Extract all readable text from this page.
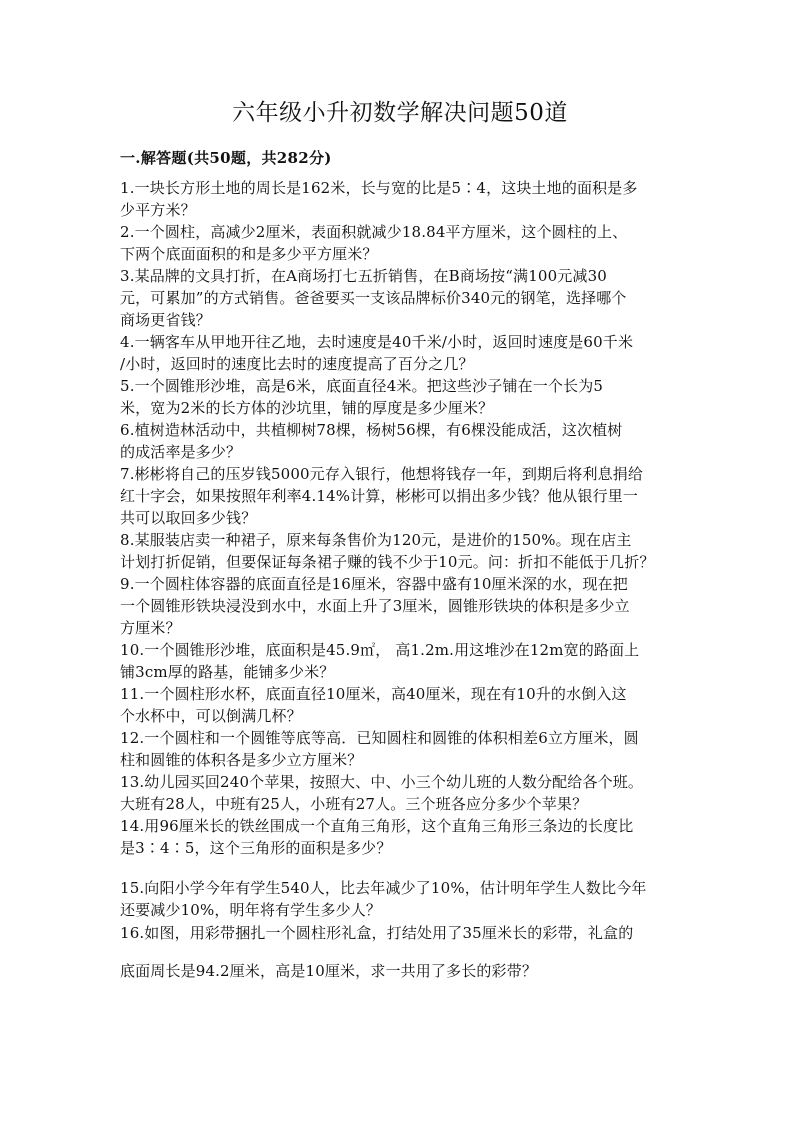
六年级小升初数学解决问题50道
一.解答题(共50题，共282分)
1.一块长方形土地的周长是162米，长与宽的比是5∶4，这块土地的面积是多
少平方米？
2.一个圆柱，高减少2厘米，表面积就减少18.84平方厘米，这个圆柱的上、
下两个底面面积的和是多少平方厘米？
3.某品牌的文具打折，在A商场打七五折销售，在B商场按“满100元减30
元，可累加”的方式销售。爸爸要买一支该品牌标价340元的钢笔，选择哪个
商场更省钱？
4.一辆客车从甲地开往乙地，去时速度是40千米/小时，返回时速度是60千米
/小时，返回时的速度比去时的速度提高了百分之几？
5.一个圆锥形沙堆，高是6米，底面直径4米。把这些沙子铺在一个长为5
米，宽为2米的长方体的沙坑里，铺的厚度是多少厘米？
6.植树造林活动中，共植柳树78棵，杨树56棵，有6棵没能成活，这次植树
的成活率是多少？
7.彬彬将自己的压岁钱5000元存入银行，他想将钱存一年，到期后将利息捐给
红十字会，如果按照年利率4.14%计算，彬彬可以捐出多少钱？他从银行里一
共可以取回多少钱？
8.某服装店卖一种裙子，原来每条售价为120元，是进价的150%。现在店主
计划打折促销，但要保证每条裙子赚的钱不少于10元。问：折扣不能低于几折？
9.一个圆柱体容器的底面直径是16厘米，容器中盛有10厘米深的水，现在把
一个圆锥形铁块浸没到水中，水面上升了3厘米，圆锥形铁块的体积是多少立
方厘米？
10.一个圆锥形沙堆，底面积是45.9㎡， 高1.2m.用这堆沙在12m宽的路面上
铺3cm厚的路基，能铺多少米？
11.一个圆柱形水杯，底面直径10厘米，高40厘米，现在有10升的水倒入这
个水杯中，可以倒满几杯？
12.一个圆柱和一个圆锥等底等高．已知圆柱和圆锥的体积相差6立方厘米，圆
柱和圆锥的体积各是多少立方厘米？
13.幼儿园买回240个苹果，按照大、中、小三个幼儿班的人数分配给各个班。
大班有28人，中班有25人，小班有27人。三个班各应分多少个苹果？
14.用96厘米长的铁丝围成一个直角三角形，这个直角三角形三条边的长度比
是3∶4∶5，这个三角形的面积是多少？
15.向阳小学今年有学生540人，比去年减少了10%，估计明年学生人数比今年
还要减少10%，明年将有学生多少人？
16.如图，用彩带捆扎一个圆柱形礼盒，打结处用了35厘米长的彩带，礼盒的
底面周长是94.2厘米，高是10厘米，求一共用了多长的彩带？
